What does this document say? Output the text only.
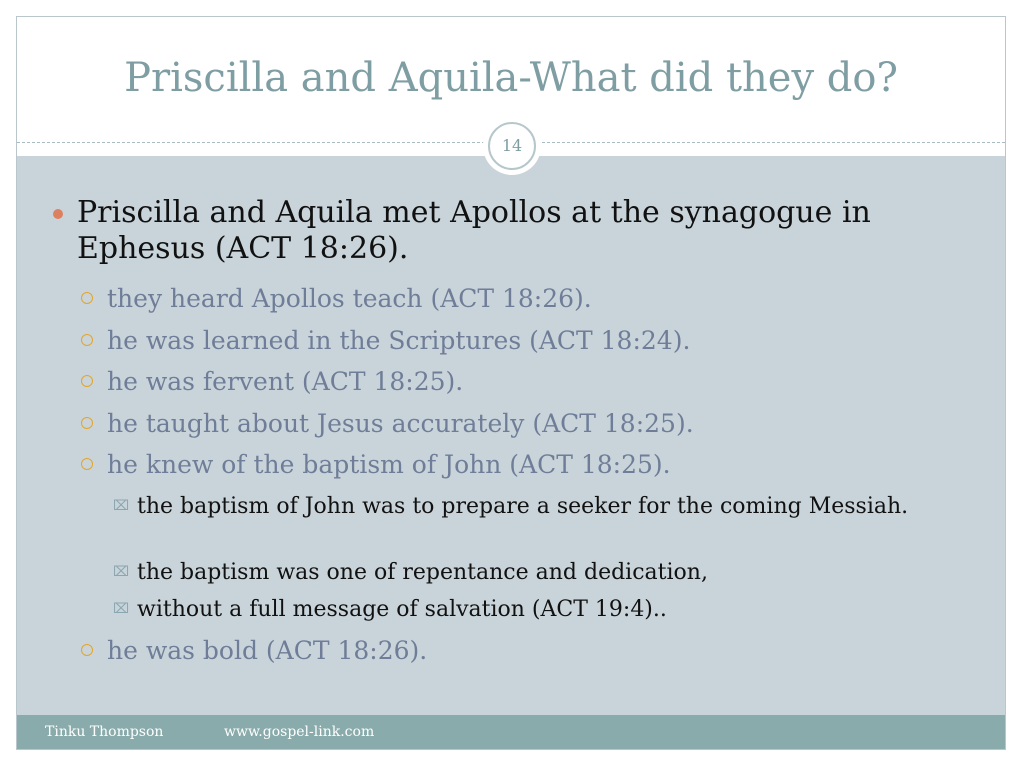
Priscilla and Aquila-What did they do?
Priscilla and Aquila met Apollos at the synagogue in Ephesus (ACT 18:26).
they heard Apollos teach (ACT 18:26).
he was learned in the Scriptures (ACT 18:24).
he was fervent (ACT 18:25).
he taught about Jesus accurately (ACT 18:25).
he knew of the baptism of John (ACT 18:25).
⌧ the baptism of John was to prepare a seeker for the coming Messiah.
⌧ the baptism was one of repentance and dedication,
⌧ without a full message of salvation (ACT 19:4)..
he was bold (ACT 18:26).
14
Tinku Thompson	www.gospel-link.com
